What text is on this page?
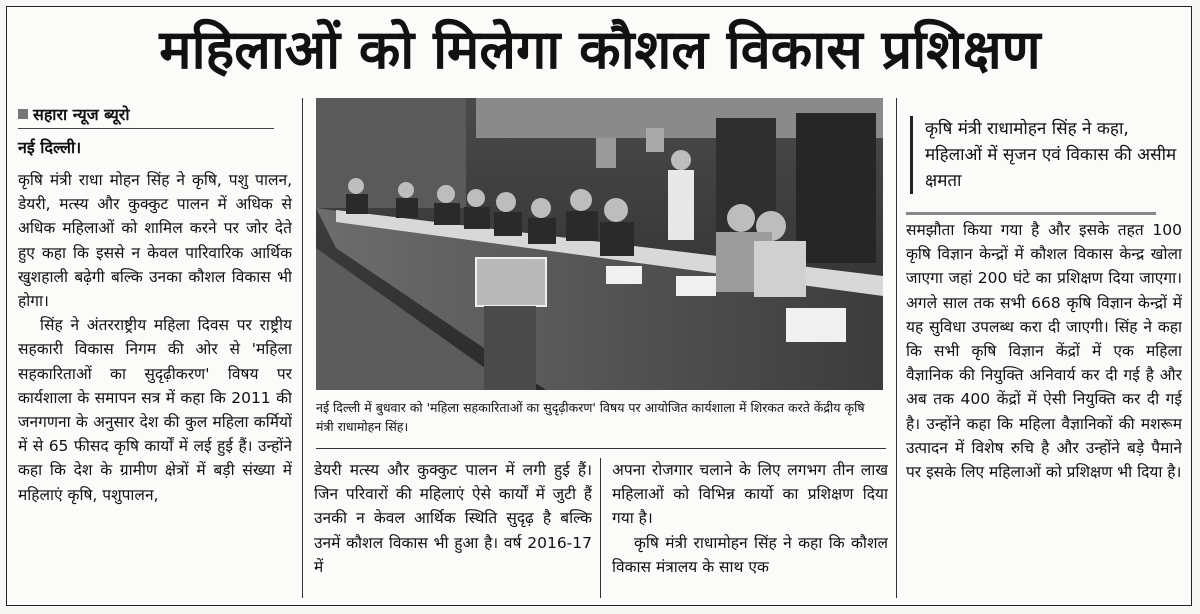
महिलाओं को मिलेगा कौशल विकास प्रशिक्षण
सहारा न्यूज ब्यूरो
नई दिल्ली।

कृषि मंत्री राधा मोहन सिंह ने कृषि, पशु पालन, डेयरी, मत्स्य और कुक्कुट पालन में अधिक से अधिक महिलाओं को शामिल करने पर जोर देते हुए कहा कि इससे न केवल पारिवारिक आर्थिक खुशहाली बढ़ेगी बल्कि उनका कौशल विकास भी होगा।

सिंह ने अंतरराष्ट्रीय महिला दिवस पर राष्ट्रीय सहकारी विकास निगम की ओर से 'महिला सहकारिताओं का सुदृढ़ीकरण' विषय पर कार्यशाला के समापन सत्र में कहा कि 2011 की जनगणना के अनुसार देश की कुल महिला कर्मियों में से 65 फीसद कृषि कार्यों में लई हुई हैं। उन्होंने कहा कि देश के ग्रामीण क्षेत्रों में बड़ी संख्या में महिलाएं कृषि, पशुपालन,

नई दिल्ली में बुधवार को 'महिला सहकारिताओं का सुदृढ़ीकरण' विषय पर आयोजित कार्यशाला में शिरकत करते केंद्रीय कृषि मंत्री राधामोहन सिंह।

डेयरी मत्स्य और कुक्कुट पालन में लगी हुई हैं। जिन परिवारों की महिलाएं ऐसे कार्यों में जुटी हैं उनकी न केवल आर्थिक स्थिति सुदृढ़ है बल्कि उनमें कौशल विकास भी हुआ है। वर्ष 2016-17 में

अपना रोजगार चलाने के लिए लगभग तीन लाख महिलाओं को विभिन्न कार्यो का प्रशिक्षण दिया गया है।

कृषि मंत्री राधामोहन सिंह ने कहा कि कौशल विकास मंत्रालय के साथ एक

कृषि मंत्री राधामोहन सिंह ने कहा, महिलाओं में सृजन एवं विकास की असीम क्षमता

समझौता किया गया है और इसके तहत 100 कृषि विज्ञान केन्द्रों में कौशल विकास केन्द्र खोला जाएगा जहां 200 घंटे का प्रशिक्षण दिया जाएगा। अगले साल तक सभी 668 कृषि विज्ञान केन्द्रों में यह सुविधा उपलब्ध करा दी जाएगी। सिंह ने कहा कि सभी कृषि विज्ञान केंद्रों में एक महिला वैज्ञानिक की नियुक्ति अनिवार्य कर दी गई है और अब तक 400 केंद्रों में ऐसी नियुक्ति कर दी गई है। उन्होंने कहा कि महिला वैज्ञानिकों की मशरूम उत्पादन में विशेष रुचि है और उन्होंने बड़े पैमाने पर इसके लिए महिलाओं को प्रशिक्षण भी दिया है।
